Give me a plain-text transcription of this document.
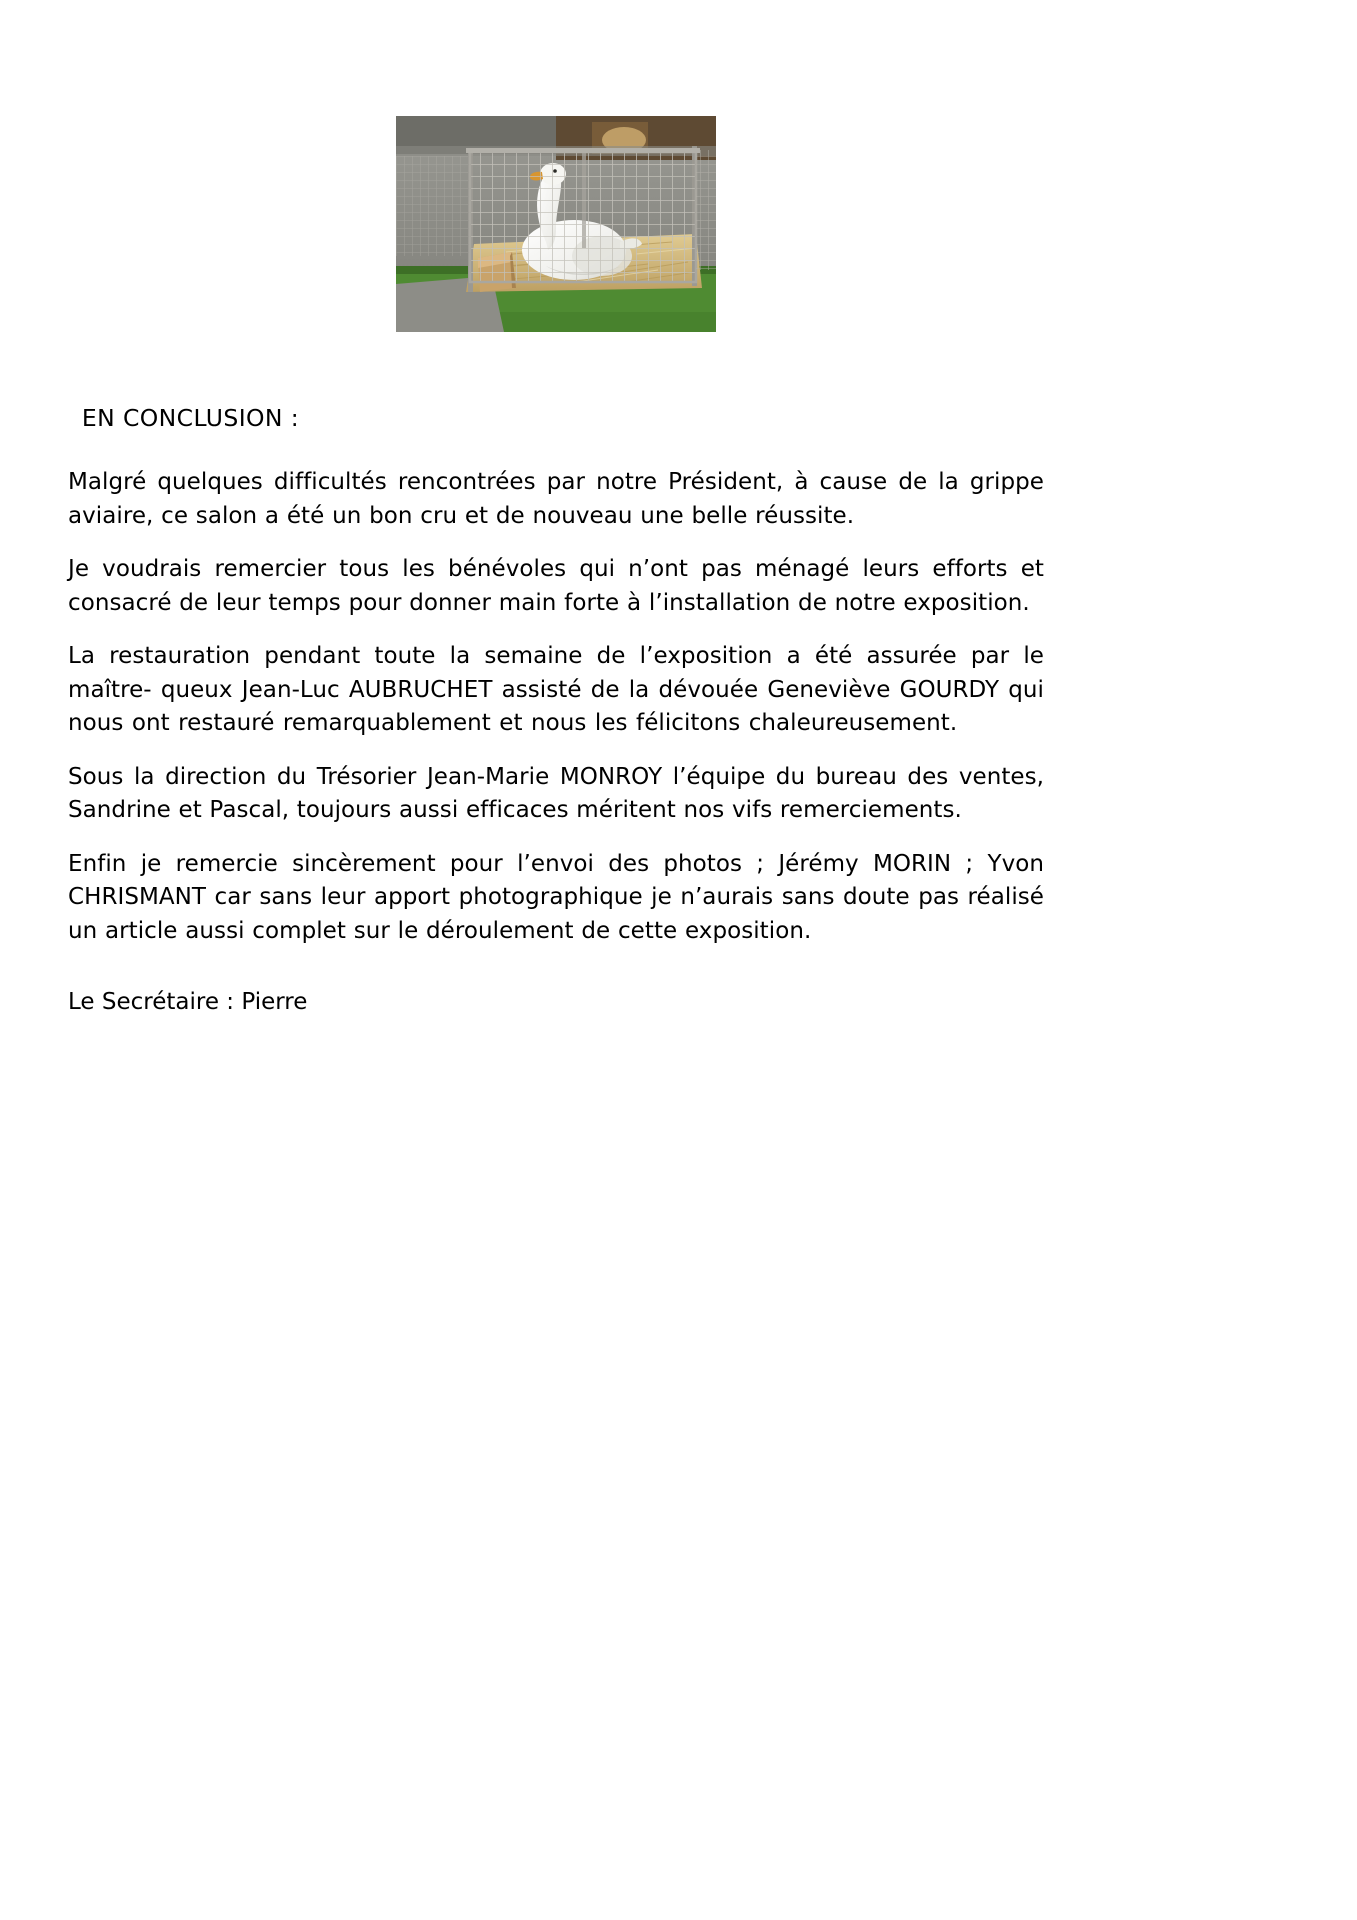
EN CONCLUSION :

Malgré quelques difficultés rencontrées par notre Président, à cause de la grippe aviaire, ce salon a été un bon cru et de nouveau une belle réussite.

Je voudrais remercier tous les bénévoles qui n’ont pas ménagé leurs efforts et consacré de leur temps pour donner main forte à l’installation de notre exposition.

La restauration pendant toute la semaine de l’exposition a été assurée par le maître- queux Jean-Luc AUBRUCHET assisté de la dévouée Geneviève GOURDY qui nous ont restauré remarquablement et nous les félicitons chaleureusement.

Sous la direction du Trésorier Jean-Marie MONROY l’équipe du bureau des ventes, Sandrine et Pascal, toujours aussi efficaces méritent nos vifs remerciements.

Enfin je remercie sincèrement pour l’envoi des photos ; Jérémy MORIN ; Yvon CHRISMANT car sans leur apport photographique je n’aurais sans doute pas réalisé un article aussi complet sur le déroulement de cette exposition.

Le Secrétaire : Pierre
